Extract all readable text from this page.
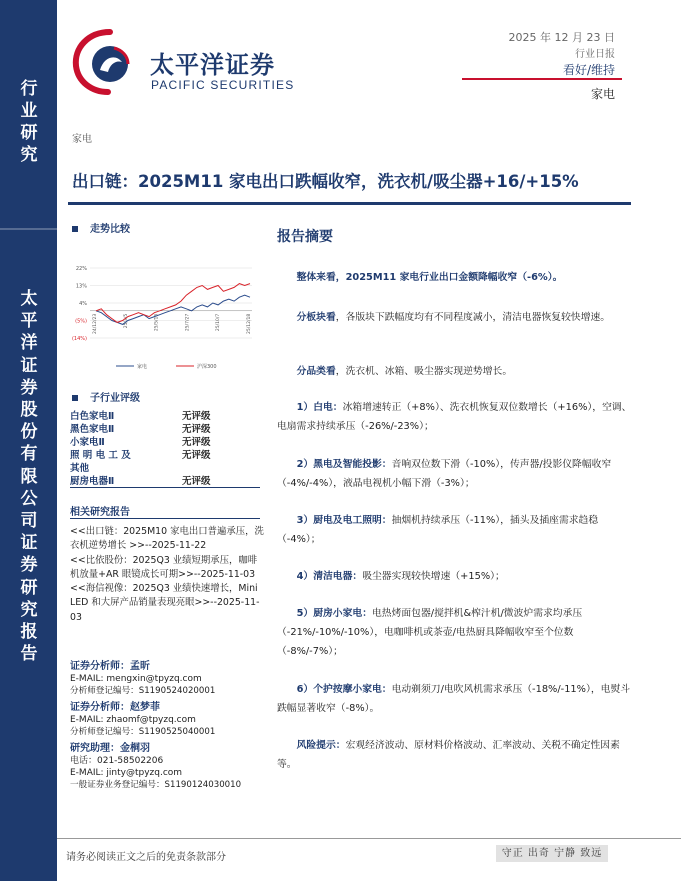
行
业
研
究
太
平
洋
证
券
股
份
有
限
公
司
证
券
研
究
报
告
太平洋证券
PACIFIC SECURITIES
2025 年 12 月 23 日
行业日报
看好/维持
家电
家电
出口链：2025M11 家电出口跌幅收窄，洗衣机/吸尘器+16/+15%
走势比较
22%
13%
4%
(5%)
(14%)
24/12/23	25/3/5	25/5/16	25/7/27	25/10/7	25/12/18
家电	沪深300
子行业评级
白色家电Ⅱ	无评级
黑色家电Ⅱ	无评级
小家电Ⅱ	无评级
照 明 电 工 及	无评级
其他
厨房电器Ⅱ	无评级
相关研究报告

<<出口链：2025M10 家电出口普遍承压，洗衣机逆势增长 >>--2025-11-22

<<比依股份：2025Q3 业绩短期承压，咖啡机放量+AR 眼镜成长可期>>--2025-11-03

<<海信视像：2025Q3 业绩快速增长，Mini LED 和大屏产品销量表现亮眼>>--2025-11-03

证券分析师：孟昕
E-MAIL: mengxin@tpyzq.com
分析师登记编号：S1190524020001
证券分析师：赵梦菲
E-MAIL: zhaomf@tpyzq.com
分析师登记编号：S1190525040001
研究助理：金桐羽
电话：021-58502206
E-MAIL: jinty@tpyzq.com
一般证券业务登记编号：S1190124030010
报告摘要
整体来看，2025M11 家电行业出口金额降幅收窄（-6%）。
分板块看，各版块下跌幅度均有不同程度减小，清洁电器恢复较快增速。
分品类看，洗衣机、冰箱、吸尘器实现逆势增长。
1）白电：冰箱增速转正（+8%）、洗衣机恢复双位数增长（+16%），空调、电扇需求持续承压（-26%/-23%）；
2）黑电及智能投影：音响双位数下滑（-10%），传声器/投影仪降幅收窄（-4%/-4%），液晶电视机小幅下滑（-3%）；
3）厨电及电工照明：抽烟机持续承压（-11%），插头及插座需求趋稳（-4%）；
4）清洁电器：吸尘器实现较快增速（+15%）；
5）厨房小家电：电热烤面包器/搅拌机&榨汁机/微波炉需求均承压（-21%/-10%/-10%），电咖啡机或茶壶/电热厨具降幅收窄至个位数（-8%/-7%）；
6）个护按摩小家电：电动剃须刀/电吹风机需求承压（-18%/-11%），电熨斗跌幅显著收窄（-8%）。
风险提示：宏观经济波动、原材料价格波动、汇率波动、关税不确定性因素等。
请务必阅读正文之后的免责条款部分	守正 出奇 宁静 致远
